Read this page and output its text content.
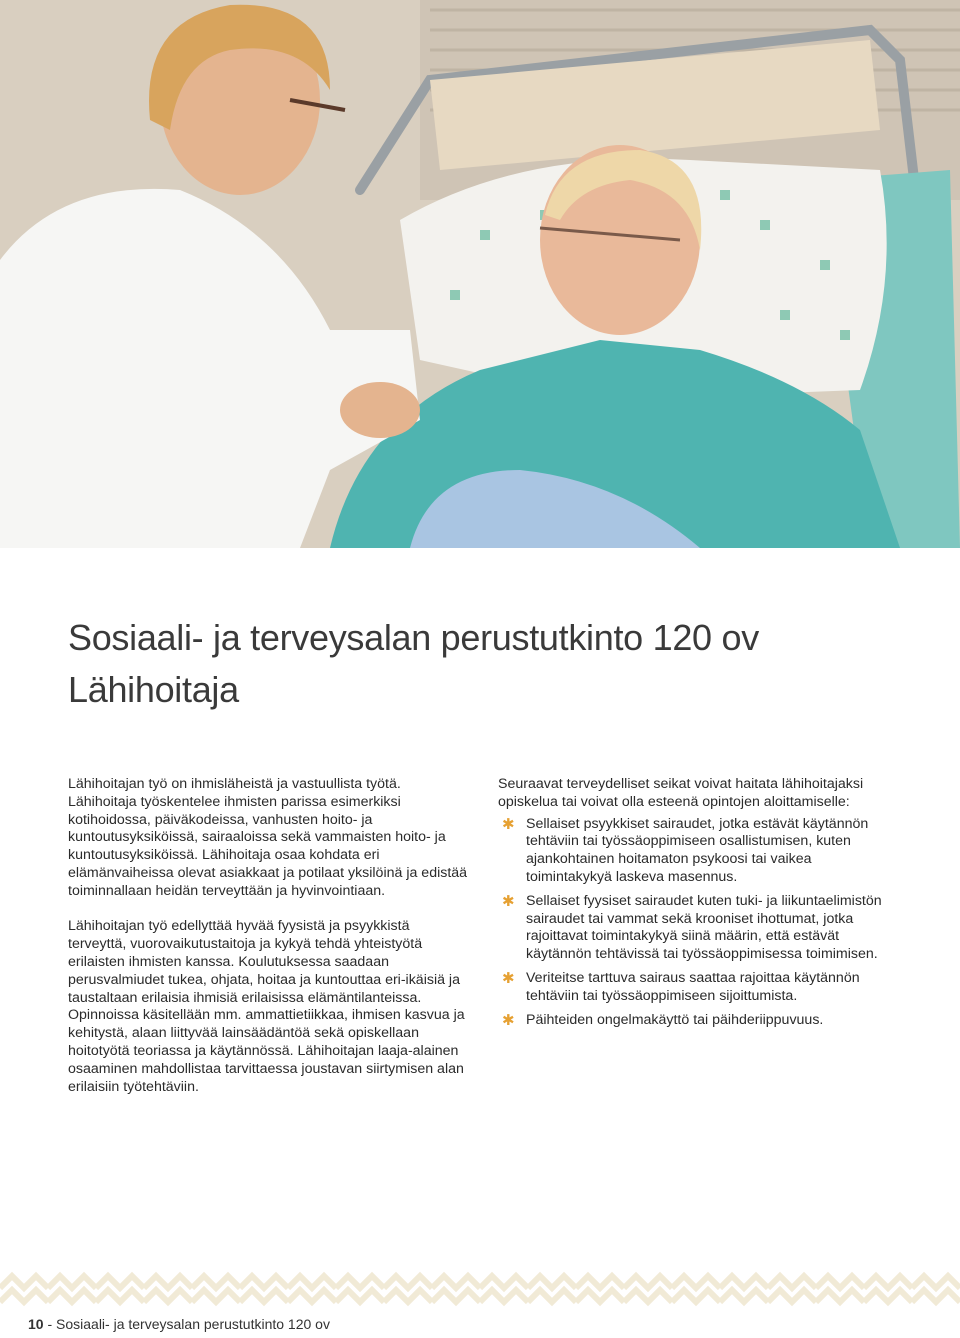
Sosiaali- ja terveysalan perustutkinto 120 ov
Lähihoitaja

Lähihoitajan työ on ihmisläheistä ja vastuullista työtä. Lähihoitaja työskentelee ihmisten parissa esimerkiksi kotihoidossa, päiväkodeissa, vanhusten hoito- ja kuntoutusyksiköissä, sairaaloissa sekä vammaisten hoito- ja kuntoutusyksiköissä. Lähihoitaja osaa kohdata eri elämänvaiheissa olevat asiakkaat ja potilaat yksilöinä ja edistää toiminnallaan heidän terveyttään ja hyvinvointiaan.

Lähihoitajan työ edellyttää hyvää fyysistä ja psyykkistä terveyttä, vuorovaikutustaitoja ja kykyä tehdä yhteistyötä erilaisten ihmisten kanssa. Koulutuksessa saadaan perusvalmiudet tukea, ohjata, hoitaa ja kuntouttaa eri-ikäisiä ja taustaltaan erilaisia ihmisiä erilaisissa elämäntilanteissa. Opinnoissa käsitellään mm. ammattietiikkaa, ihmisen kasvua ja kehitystä, alaan liittyvää lainsäädäntöä sekä opiskellaan hoitotyötä teoriassa ja käytännössä. Lähihoitajan laaja-alainen osaaminen mahdollistaa tarvittaessa joustavan siirtymisen alan erilaisiin työtehtäviin.

Seuraavat terveydelliset seikat voivat haitata lähihoitajaksi opiskelua tai voivat olla esteenä opintojen aloittamiselle:

✱ Sellaiset psyykkiset sairaudet, jotka estävät käytännön tehtäviin tai työssäoppimiseen osallistumisen, kuten ajankohtainen hoitamaton psykoosi tai vaikea toimintakykyä laskeva masennus.
✱ Sellaiset fyysiset sairaudet kuten tuki- ja liikuntaelimistön sairaudet tai vammat sekä krooniset ihottumat, jotka rajoittavat toimintakykyä siinä määrin, että estävät käytännön tehtävissä tai työssäoppimisessa toimimisen.
✱ Veriteitse tarttuva sairaus saattaa rajoittaa käytännön tehtäviin tai työssäoppimiseen sijoittumista.
✱ Päihteiden ongelmakäyttö tai päihderiippuvuus.
10 - Sosiaali- ja terveysalan perustutkinto 120 ov
